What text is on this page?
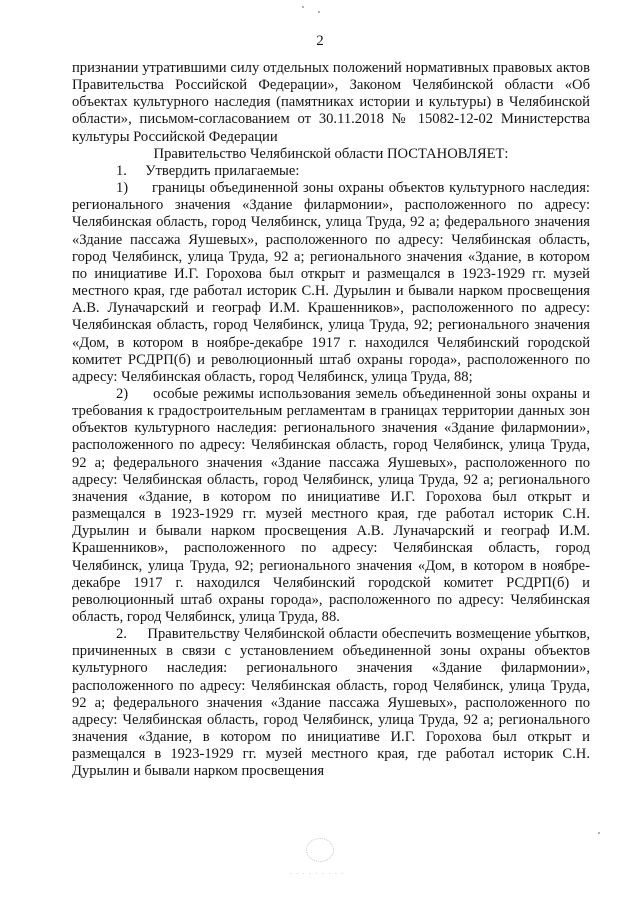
2

признании утратившими силу отдельных положений нормативных правовых актов Правительства Российской Федерации», Законом Челябинской области «Об объектах культурного наследия (памятниках истории и культуры) в Челябинской области», письмом-согласованием от 30.11.2018 № 15082-12-02 Министерства культуры Российской Федерации

Правительство Челябинской области ПОСТАНОВЛЯЕТ:

1.     Утвердить прилагаемые:

1)     границы объединенной зоны охраны объектов культурного наследия: регионального значения «Здание филармонии», расположенного по адресу: Челябинская область, город Челябинск, улица Труда, 92 а; федерального значения «Здание пассажа Яушевых», расположенного по адресу: Челябинская область, город Челябинск, улица Труда, 92 а; регионального значения «Здание, в котором по инициативе И.Г. Горохова был открыт и размещался в 1923-1929 гг. музей местного края, где работал историк С.Н. Дурылин и бывали нарком просвещения А.В. Луначарский и географ И.М. Крашенников», расположенного по адресу: Челябинская область, город Челябинск, улица Труда, 92; регионального значения «Дом, в котором в ноябре-декабре 1917 г. находился Челябинский городской комитет РСДРП(б) и революционный штаб охраны города», расположенного по адресу: Челябинская область, город Челябинск, улица Труда, 88;

2)     особые режимы использования земель объединенной зоны охраны и требования к градостроительным регламентам в границах территории данных зон объектов культурного наследия: регионального значения «Здание филармонии», расположенного по адресу: Челябинская область, город Челябинск, улица Труда, 92 а; федерального значения «Здание пассажа Яушевых», расположенного по адресу: Челябинская область, город Челябинск, улица Труда, 92 а; регионального значения «Здание, в котором по инициативе И.Г. Горохова был открыт и размещался в 1923-1929 гг. музей местного края, где работал историк С.Н. Дурылин и бывали нарком просвещения А.В. Луначарский и географ И.М. Крашенников», расположенного по адресу: Челябинская область, город Челябинск, улица Труда, 92; регионального значения «Дом, в котором в ноябре-декабре 1917 г. находился Челябинский городской комитет РСДРП(б) и революционный штаб охраны города», расположенного по адресу: Челябинская область, город Челябинск, улица Труда, 88.

2.     Правительству Челябинской области обеспечить возмещение убытков, причиненных в связи с установлением объединенной зоны охраны объектов культурного наследия: регионального значения «Здание филармонии», расположенного по адресу: Челябинская область, город Челябинск, улица Труда, 92 а; федерального значения «Здание пассажа Яушевых», расположенного по адресу: Челябинская область, город Челябинск, улица Труда, 92 а; регионального значения «Здание, в котором по инициативе И.Г. Горохова был открыт и размещался в 1923-1929 гг. музей местного края, где работал историк С.Н. Дурылин и бывали нарком просвещения

· · · · · · · · ·
